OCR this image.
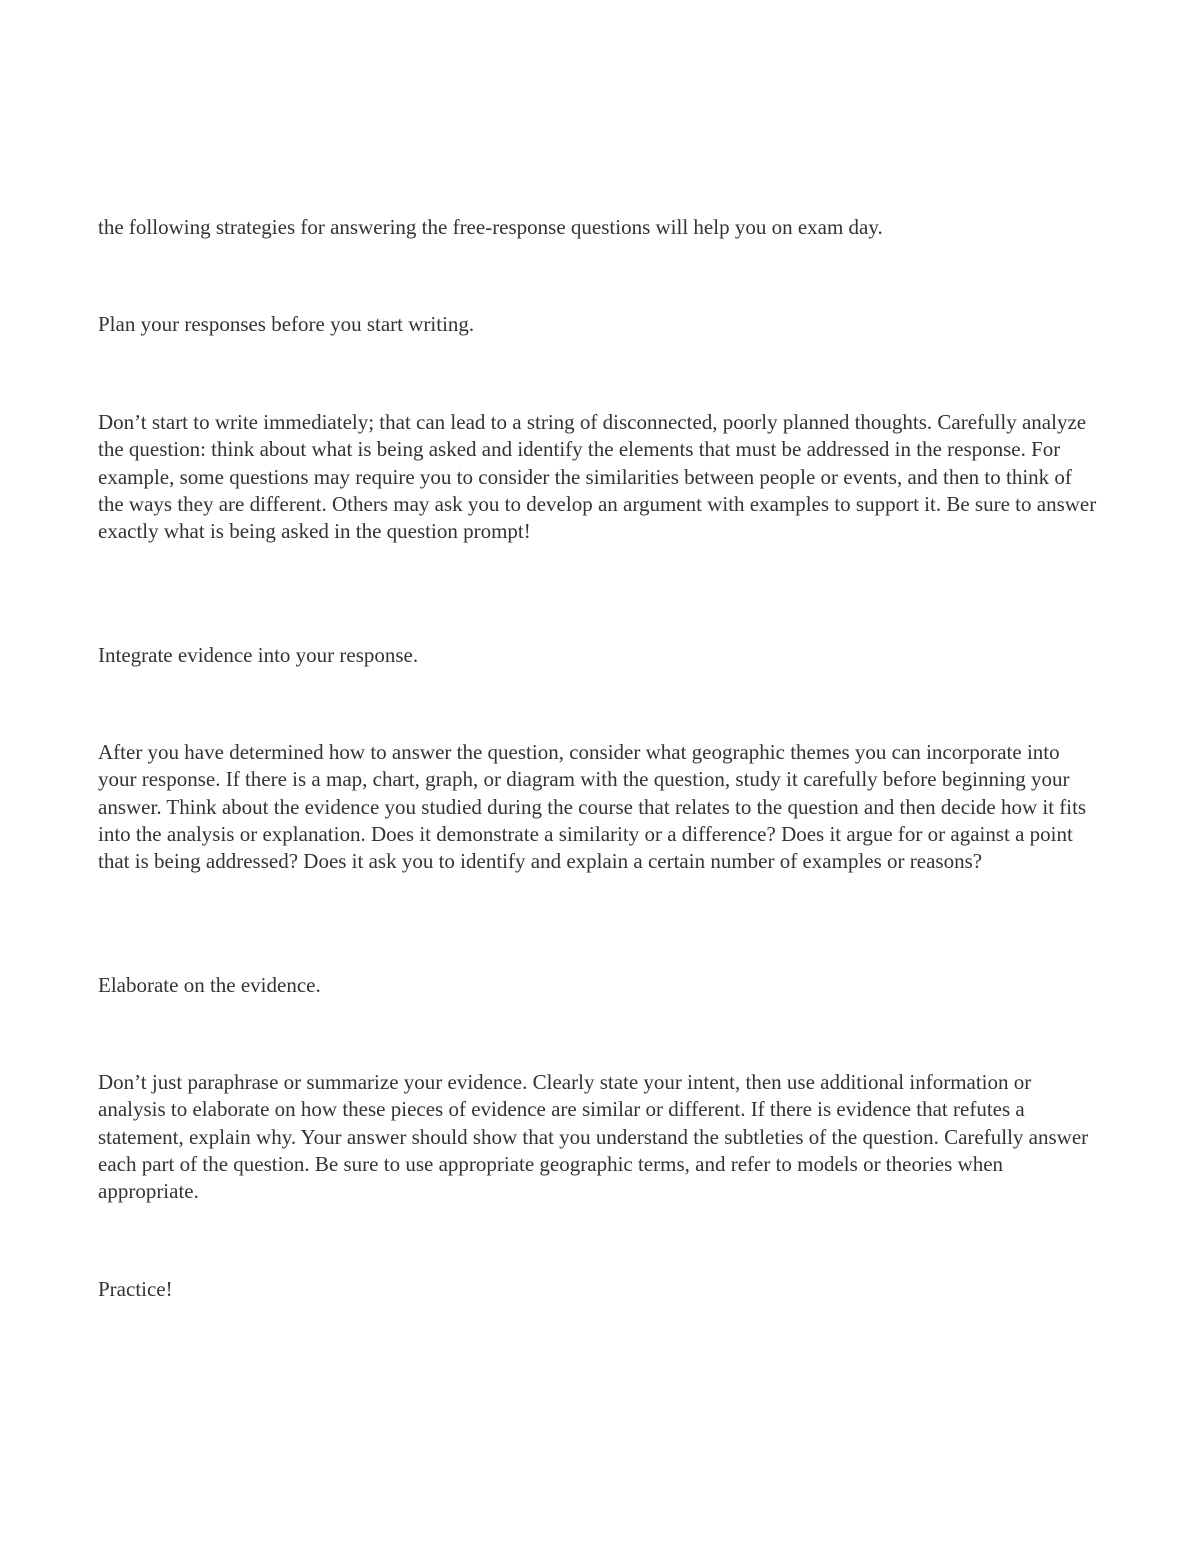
the following strategies for answering the free-response questions will help you on exam day.

Plan your responses before you start writing.

Don’t start to write immediately; that can lead to a string of disconnected, poorly planned thoughts. Carefully analyze the question: think about what is being asked and identify the elements that must be addressed in the response. For example, some questions may require you to consider the similarities between people or events, and then to think of the ways they are different. Others may ask you to develop an argument with examples to support it. Be sure to answer exactly what is being asked in the question prompt!

Integrate evidence into your response.

After you have determined how to answer the question, consider what geographic themes you can incorporate into your response. If there is a map, chart, graph, or diagram with the question, study it carefully before beginning your answer. Think about the evidence you studied during the course that relates to the question and then decide how it fits into the analysis or explanation. Does it demonstrate a similarity or a difference? Does it argue for or against a point that is being addressed? Does it ask you to identify and explain a certain number of examples or reasons?

Elaborate on the evidence.

Don’t just paraphrase or summarize your evidence. Clearly state your intent, then use additional information or analysis to elaborate on how these pieces of evidence are similar or different. If there is evidence that refutes a statement, explain why. Your answer should show that you understand the subtleties of the question. Carefully answer each part of the question. Be sure to use appropriate geographic terms, and refer to models or theories when appropriate.

Practice!
